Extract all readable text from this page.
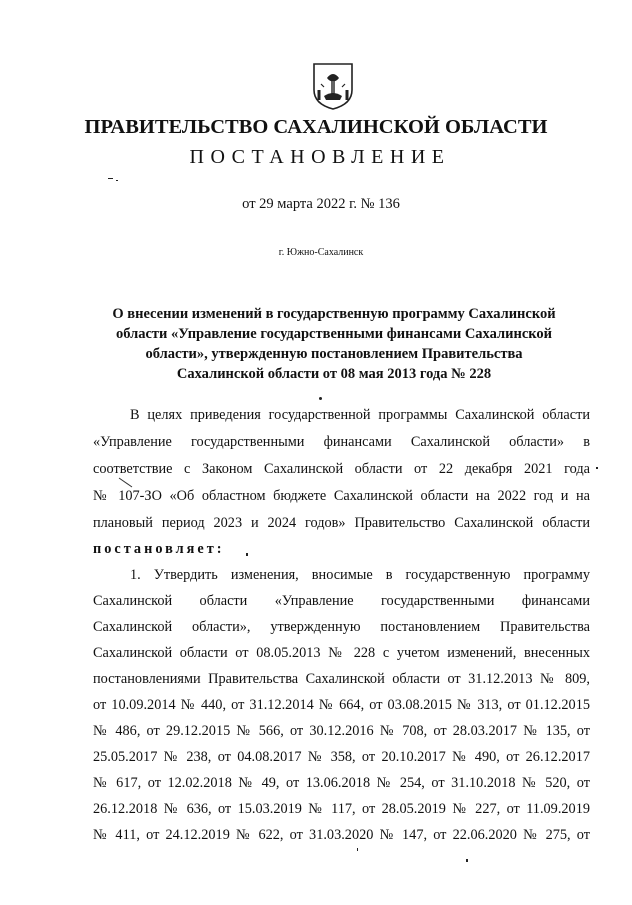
ПРАВИТЕЛЬСТВО САХАЛИНСКОЙ ОБЛАСТИ
ПОСТАНОВЛЕНИЕ
от 29 марта 2022 г. № 136
г. Южно-Сахалинск
О внесении изменений в государственную программу Сахалинской
области «Управление государственными финансами Сахалинской
области», утвержденную постановлением Правительства
Сахалинской области от 08 мая 2013 года № 228
В целях приведения государственной программы Сахалинской области
«Управление государственными финансами Сахалинской области» в
соответствие с Законом Сахалинской области от 22 декабря 2021 года
№ 107-ЗО «Об областном бюджете Сахалинской области на 2022 год и на
плановый период 2023 и 2024 годов» Правительство Сахалинской области
постановляет:
1. Утвердить изменения, вносимые в государственную программу
Сахалинской области «Управление государственными финансами
Сахалинской области», утвержденную постановлением Правительства
Сахалинской области от 08.05.2013 № 228 с учетом изменений, внесенных
постановлениями Правительства Сахалинской области от 31.12.2013 № 809,
от 10.09.2014 № 440, от 31.12.2014 № 664, от 03.08.2015 № 313, от 01.12.2015
№ 486, от 29.12.2015 № 566, от 30.12.2016 № 708, от 28.03.2017 № 135, от
25.05.2017 № 238, от 04.08.2017 № 358, от 20.10.2017 № 490, от 26.12.2017
№ 617, от 12.02.2018 № 49, от 13.06.2018 № 254, от 31.10.2018 № 520, от
26.12.2018 № 636, от 15.03.2019 № 117, от 28.05.2019 № 227, от 11.09.2019
№ 411, от 24.12.2019 № 622, от 31.03.2020 № 147, от 22.06.2020 № 275, от
